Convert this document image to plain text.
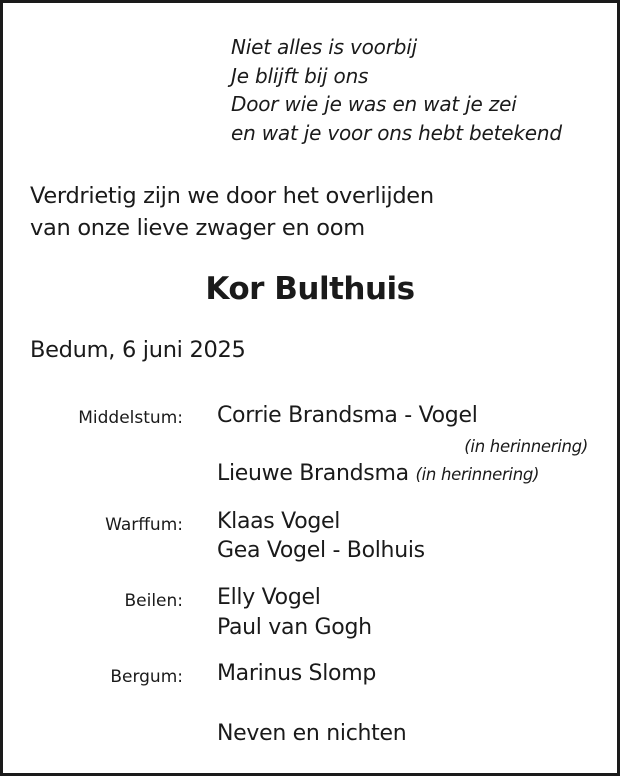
Niet alles is voorbij
Je blijft bij ons
Door wie je was en wat je zei
en wat je voor ons hebt betekend
Verdrietig zijn we door het overlijden
van onze lieve zwager en oom
Kor Bulthuis
Bedum, 6 juni 2025
Middelstum: Corrie Brandsma - Vogel
(in herinnering)
Lieuwe Brandsma (in herinnering)
Warffum: Klaas Vogel
Gea Vogel - Bolhuis
Beilen: Elly Vogel
Paul van Gogh
Bergum: Marinus Slomp
Neven en nichten
